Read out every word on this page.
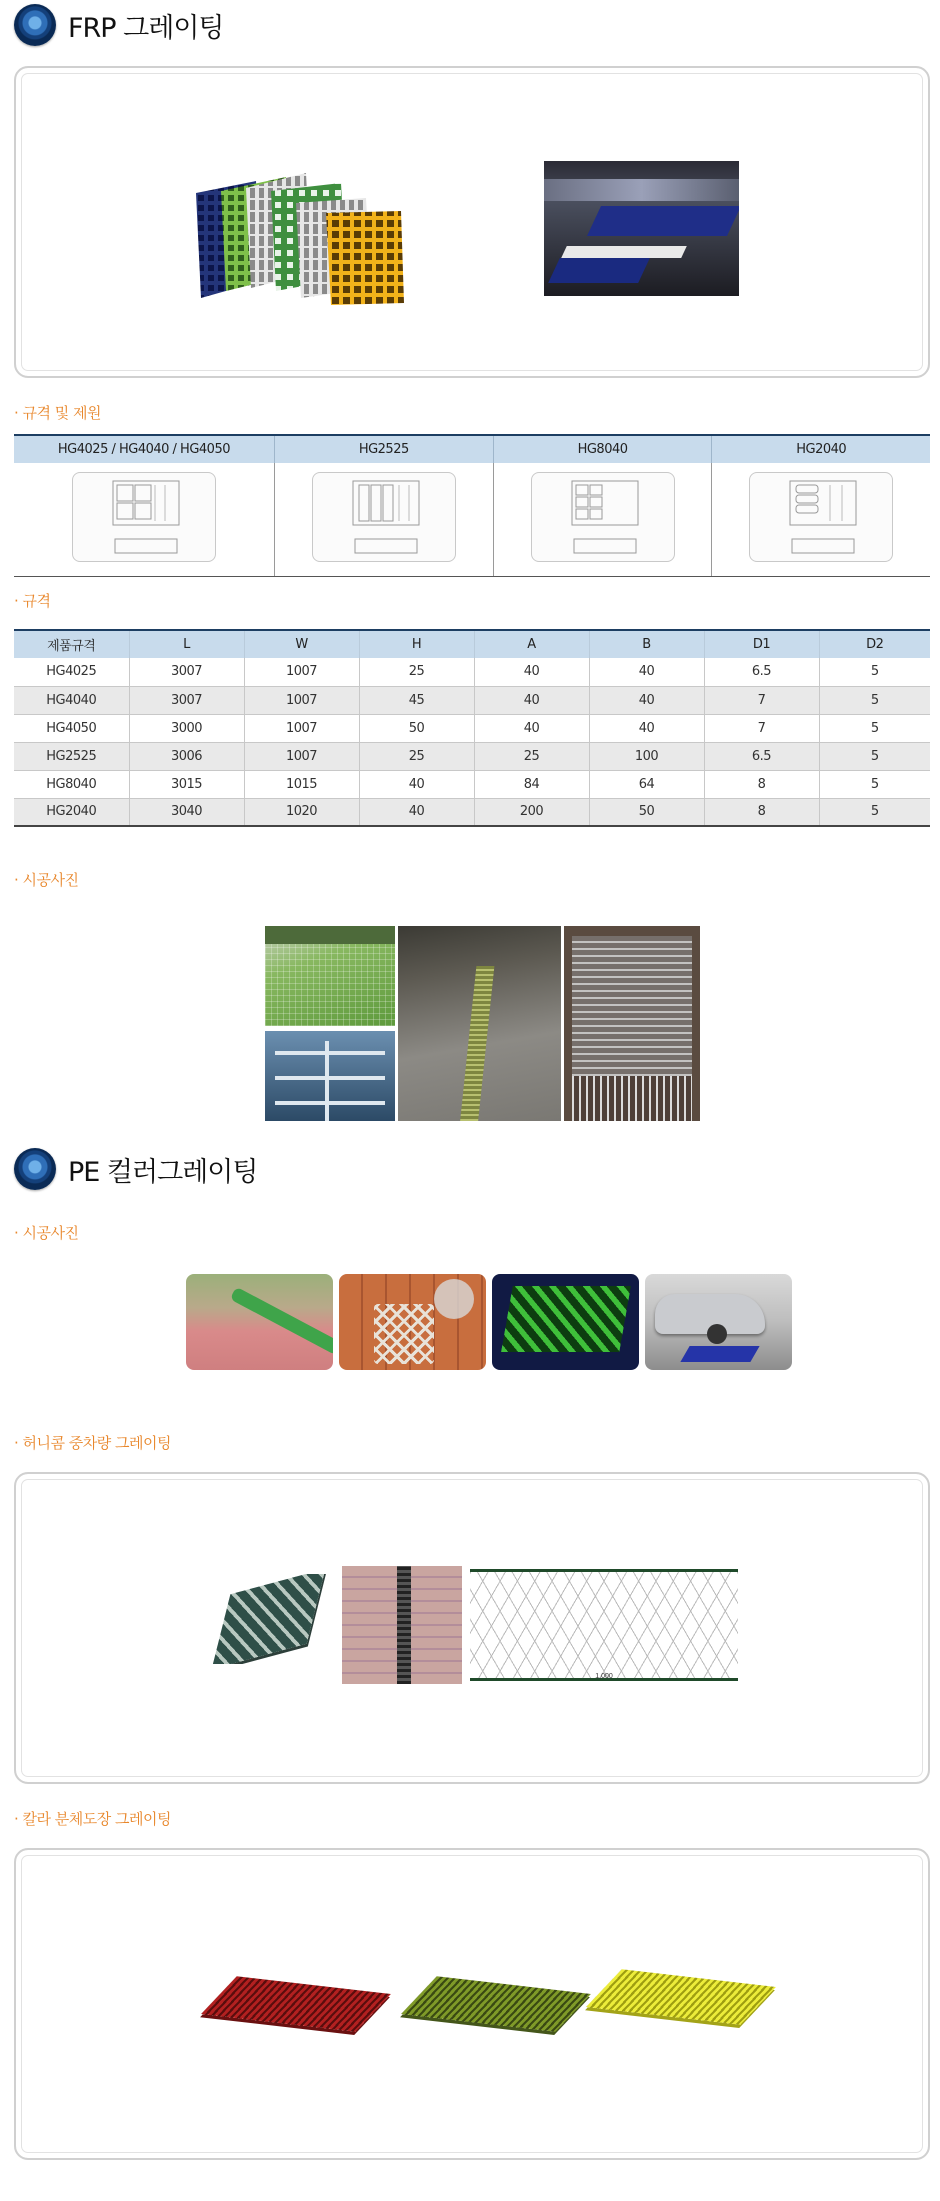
FRP 그레이팅
· 규격 및 제원
HG4025 / HG4040 / HG4050	HG2525	HG8040	HG2040

· 규격
제품규격	L	W	H	A	B	D1	D2
HG4025	3007	1007	25	40	40	6.5	5
HG4040	3007	1007	45	40	40	7	5
HG4050	3000	1007	50	40	40	7	5
HG2525	3006	1007	25	25	100	6.5	5
HG8040	3015	1015	40	84	64	8	5
HG2040	3040	1020	40	200	50	8	5
· 시공사진
PE 컬러그레이팅
· 시공사진
· 허니콤 중차량 그레이팅
1,000
· 칼라 분체도장 그레이팅
